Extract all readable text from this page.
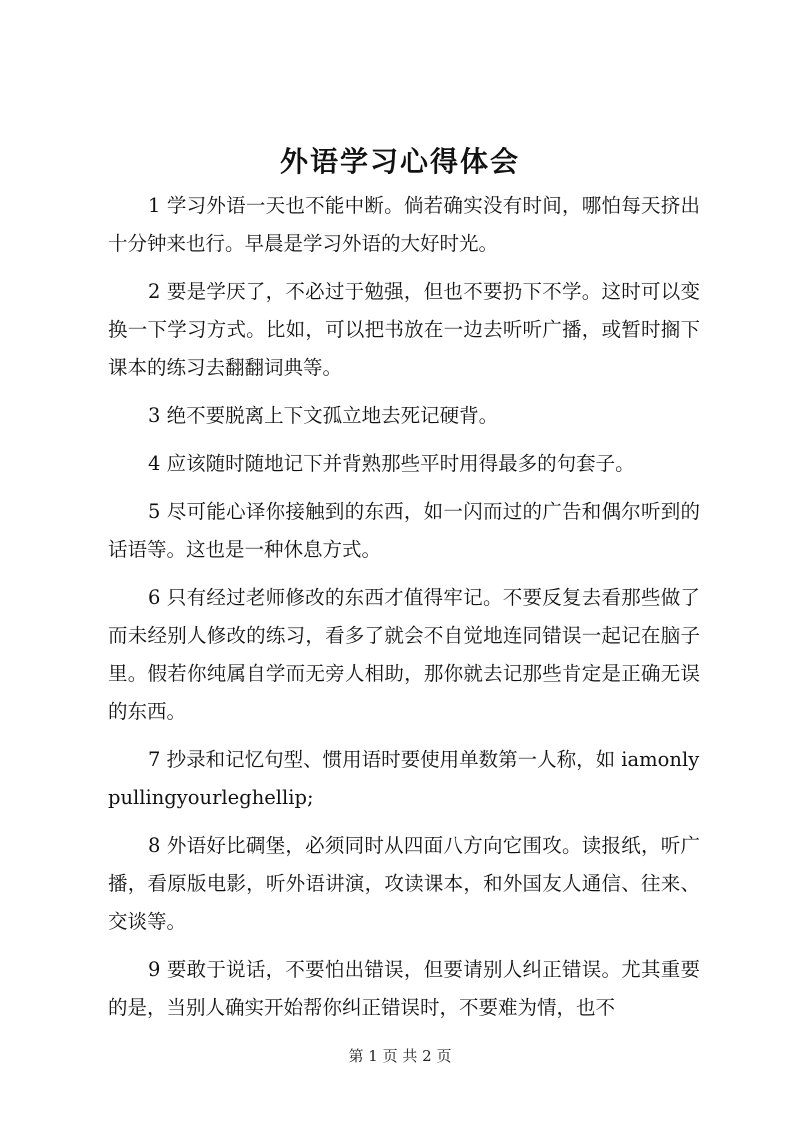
外语学习心得体会

1 学习外语一天也不能中断。倘若确实没有时间，哪怕每天挤出十分钟来也行。早晨是学习外语的大好时光。

2 要是学厌了，不必过于勉强，但也不要扔下不学。这时可以变换一下学习方式。比如，可以把书放在一边去听听广播，或暂时搁下课本的练习去翻翻词典等。

3 绝不要脱离上下文孤立地去死记硬背。

4 应该随时随地记下并背熟那些平时用得最多的句套子。

5 尽可能心译你接触到的东西，如一闪而过的广告和偶尔听到的话语等。这也是一种休息方式。

6 只有经过老师修改的东西才值得牢记。不要反复去看那些做了而未经别人修改的练习，看多了就会不自觉地连同错误一起记在脑子里。假若你纯属自学而无旁人相助，那你就去记那些肯定是正确无误的东西。

7 抄录和记忆句型、惯用语时要使用单数第一人称，如 iamonlypullingyourleghellip;

8 外语好比碉堡，必须同时从四面八方向它围攻。读报纸，听广播，看原版电影，听外语讲演，攻读课本，和外国友人通信、往来、交谈等。

9 要敢于说话，不要怕出错误，但要请别人纠正错误。尤其重要的是，当别人确实开始帮你纠正错误时，不要难为情，也不

第 1 页 共 2 页
